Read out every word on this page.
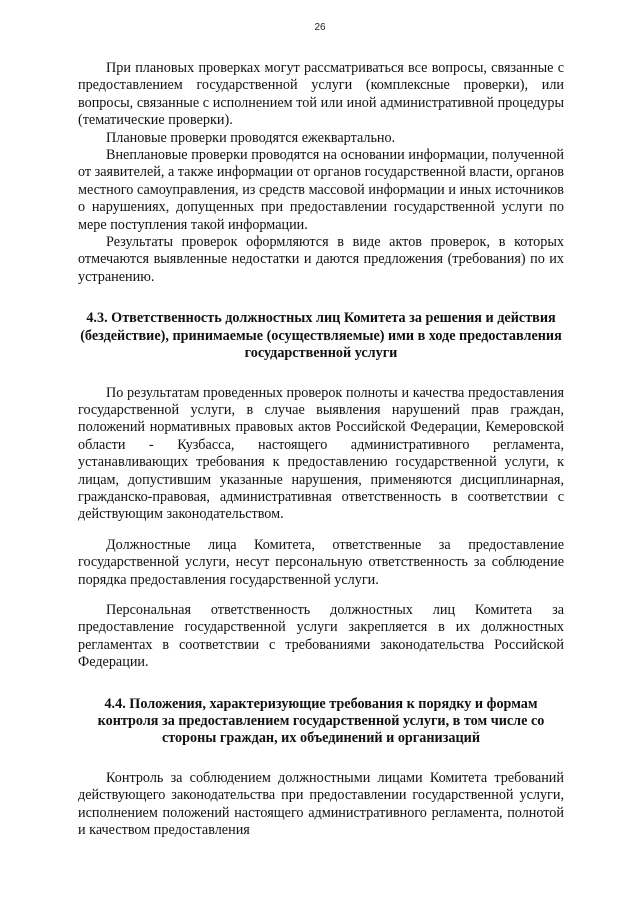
26

При плановых проверках могут рассматриваться все вопросы, связанные с предоставлением государственной услуги (комплексные проверки), или вопросы, связанные с исполнением той или иной административной процедуры (тематические проверки).

Плановые проверки проводятся ежеквартально.

Внеплановые проверки проводятся на основании информации, полученной от заявителей, а также информации от органов государственной власти, органов местного самоуправления, из средств массовой информации и иных источников о нарушениях, допущенных при предоставлении государственной услуги по мере поступления такой информации.

Результаты проверок оформляются в виде актов проверок, в которых отмечаются выявленные недостатки и даются предложения (требования) по их устранению.

4.3. Ответственность должностных лиц Комитета за решения и действия (бездействие), принимаемые (осуществляемые) ими в ходе предоставления государственной услуги

По результатам проведенных проверок полноты и качества предоставления государственной услуги, в случае выявления нарушений прав граждан, положений нормативных правовых актов Российской Федерации, Кемеровской области - Кузбасса, настоящего административного регламента, устанавливающих требования к предоставлению государственной услуги, к лицам, допустившим указанные нарушения, применяются дисциплинарная, гражданско-правовая, административная ответственность в соответствии с действующим законодательством.

Должностные лица Комитета, ответственные за предоставление государственной услуги, несут персональную ответственность за соблюдение порядка предоставления государственной услуги.

Персональная ответственность должностных лиц Комитета за предоставление государственной услуги закрепляется в их должностных регламентах в соответствии с требованиями законодательства Российской Федерации.

4.4. Положения, характеризующие требования к порядку и формам контроля за предоставлением государственной услуги, в том числе со стороны граждан, их объединений и организаций

Контроль за соблюдением должностными лицами Комитета требований действующего законодательства при предоставлении государственной услуги, исполнением положений настоящего административного регламента, полнотой и качеством предоставления
